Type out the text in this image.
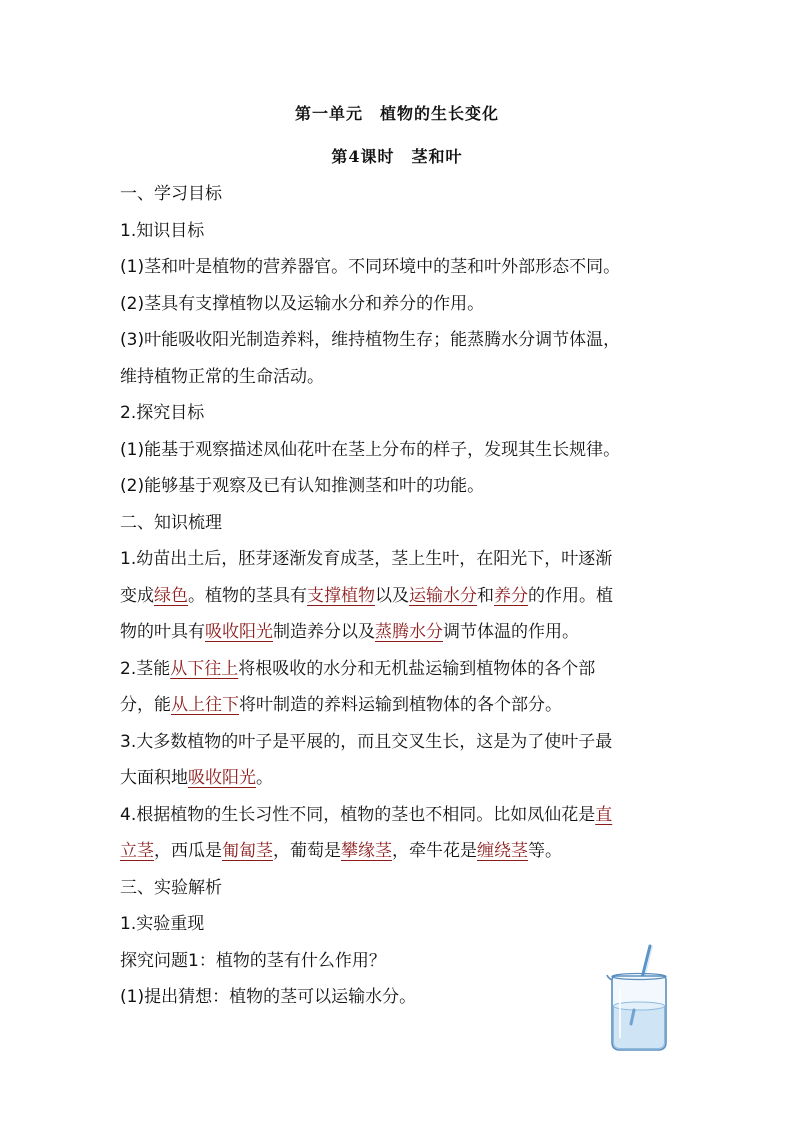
第一单元　植物的生长变化
第4课时　茎和叶
一、学习目标
1.知识目标
(1)茎和叶是植物的营养器官。不同环境中的茎和叶外部形态不同。
(2)茎具有支撑植物以及运输水分和养分的作用。
(3)叶能吸收阳光制造养料，维持植物生存；能蒸腾水分调节体温，
维持植物正常的生命活动。
2.探究目标
(1)能基于观察描述凤仙花叶在茎上分布的样子，发现其生长规律。
(2)能够基于观察及已有认知推测茎和叶的功能。
二、知识梳理
1.幼苗出土后，胚芽逐渐发育成茎，茎上生叶，在阳光下，叶逐渐
变成绿色。植物的茎具有支撑植物以及运输水分和养分的作用。植
物的叶具有吸收阳光制造养分以及蒸腾水分调节体温的作用。
2.茎能从下往上将根吸收的水分和无机盐运输到植物体的各个部
分，能从上往下将叶制造的养料运输到植物体的各个部分。
3.大多数植物的叶子是平展的，而且交叉生长，这是为了使叶子最
大面积地吸收阳光。
4.根据植物的生长习性不同，植物的茎也不相同。比如凤仙花是直
立茎，西瓜是匍匐茎，葡萄是攀缘茎，牵牛花是缠绕茎等。
三、实验解析
1.实验重现
探究问题1：植物的茎有什么作用？
(1)提出猜想：植物的茎可以运输水分。
